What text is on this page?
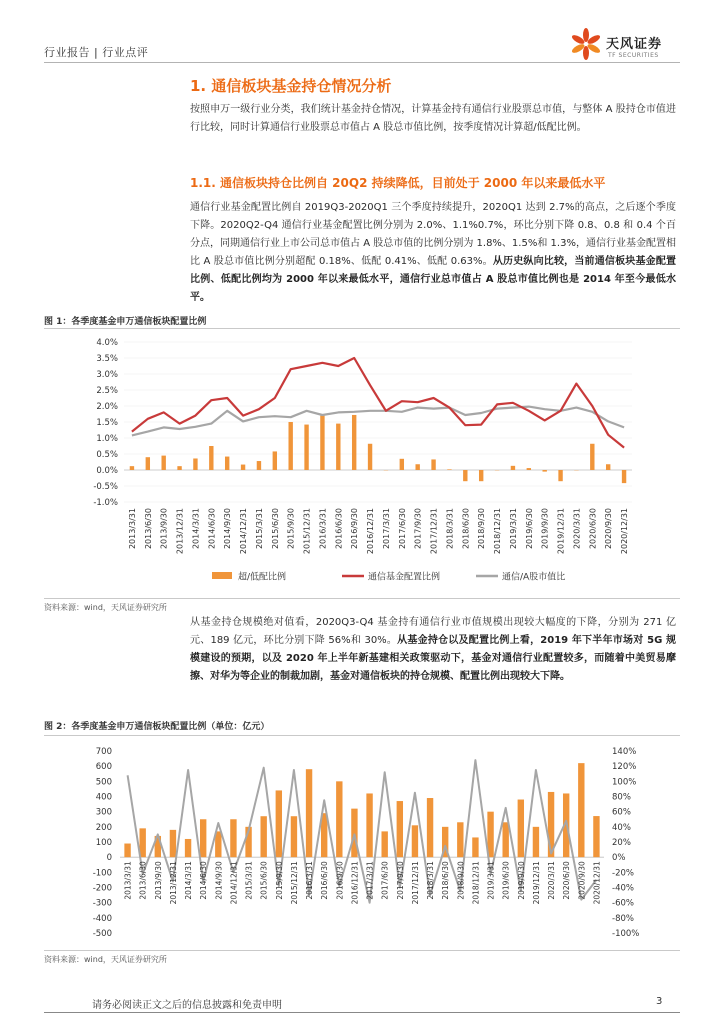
行业报告 | 行业点评
天风证券
TF SECURITIES
1. 通信板块基金持仓情况分析
按照申万一级行业分类，我们统计基金持仓情况，计算基金持有通信行业股票总市值，与整体 A 股持仓市值进行比较，同时计算通信行业股票总市值占 A 股总市值比例，按季度情况计算超/低配比例。
1.1. 通信板块持仓比例自 20Q2 持续降低，目前处于 2000 年以来最低水平
通信行业基金配置比例自 2019Q3-2020Q1 三个季度持续提升，2020Q1 达到 2.7%的高点，之后逐个季度下降。2020Q2-Q4 通信行业基金配置比例分别为 2.0%、1.1%0.7%，环比分别下降 0.8、0.8 和 0.4 个百分点，同期通信行业上市公司总市值占 A 股总市值的比例分别为 1.8%、1.5%和 1.3%，通信行业基金配置相比 A 股总市值比例分别超配 0.18%、低配 0.41%、低配 0.63%。从历史纵向比较，当前通信板块基金配置比例、低配比例均为 2000 年以来最低水平，通信行业总市值占 A 股总市值比例也是 2014 年至今最低水平。
图 1：各季度基金申万通信板块配置比例
-1.0%
-0.5%
0.0%
0.5%
1.0%
1.5%
2.0%
2.5%
3.0%
3.5%
4.0%
2013/3/31 2013/6/30 2013/9/30 2013/12/31 2014/3/31 2014/6/30 2014/9/30 2014/12/31 2015/3/31 2015/6/30 2015/9/30 2015/12/31 2016/3/31 2016/6/30 2016/9/30 2016/12/31 2017/3/31 2017/6/30 2017/9/30 2017/12/31 2018/3/31 2018/6/30 2018/9/30 2018/12/31 2019/3/31 2019/6/30 2019/9/30 2019/12/31 2020/3/31 2020/6/30 2020/9/30 2020/12/31
超/低配比例	通信基金配置比例	通信/A股市值比
资料来源：wind，天风证券研究所
从基金持仓规模绝对值看，2020Q3-Q4 基金持有通信行业市值规模出现较大幅度的下降，分别为 271 亿元、189 亿元，环比分别下降 56%和 30%。从基金持仓以及配置比例上看，2019 年下半年市场对 5G 规模建设的预期，以及 2020 年上半年新基建相关政策驱动下，基金对通信行业配置较多，而随着中美贸易摩擦、对华为等企业的制裁加剧，基金对通信板块的持仓规模、配置比例出现较大下降。
图 2：各季度基金申万通信板块配置比例（单位：亿元）
-500
-400
-300
-200
-100
0
100
200
300
400
500
600
700
-100%
-80%
-60%
-40%
-20%
0%
20%
40%
60%
80%
100%
120%
140%
2013/3/31 2013/6/30 2013/9/30 2013/12/31 2014/3/31 2014/6/30 2014/9/30 2014/12/31 2015/3/31 2015/6/30 2015/9/30 2015/12/31 2016/3/31 2016/6/30 2016/9/30 2016/12/31 2017/3/31 2017/6/30 2017/9/30 2017/12/31 2018/3/31 2018/6/30 2018/9/30 2018/12/31 2019/3/31 2019/6/30 2019/9/30 2019/12/31 2020/3/31 2020/6/30 2020/9/30 2020/12/31
资料来源：wind，天风证券研究所
请务必阅读正文之后的信息披露和免责申明	3
